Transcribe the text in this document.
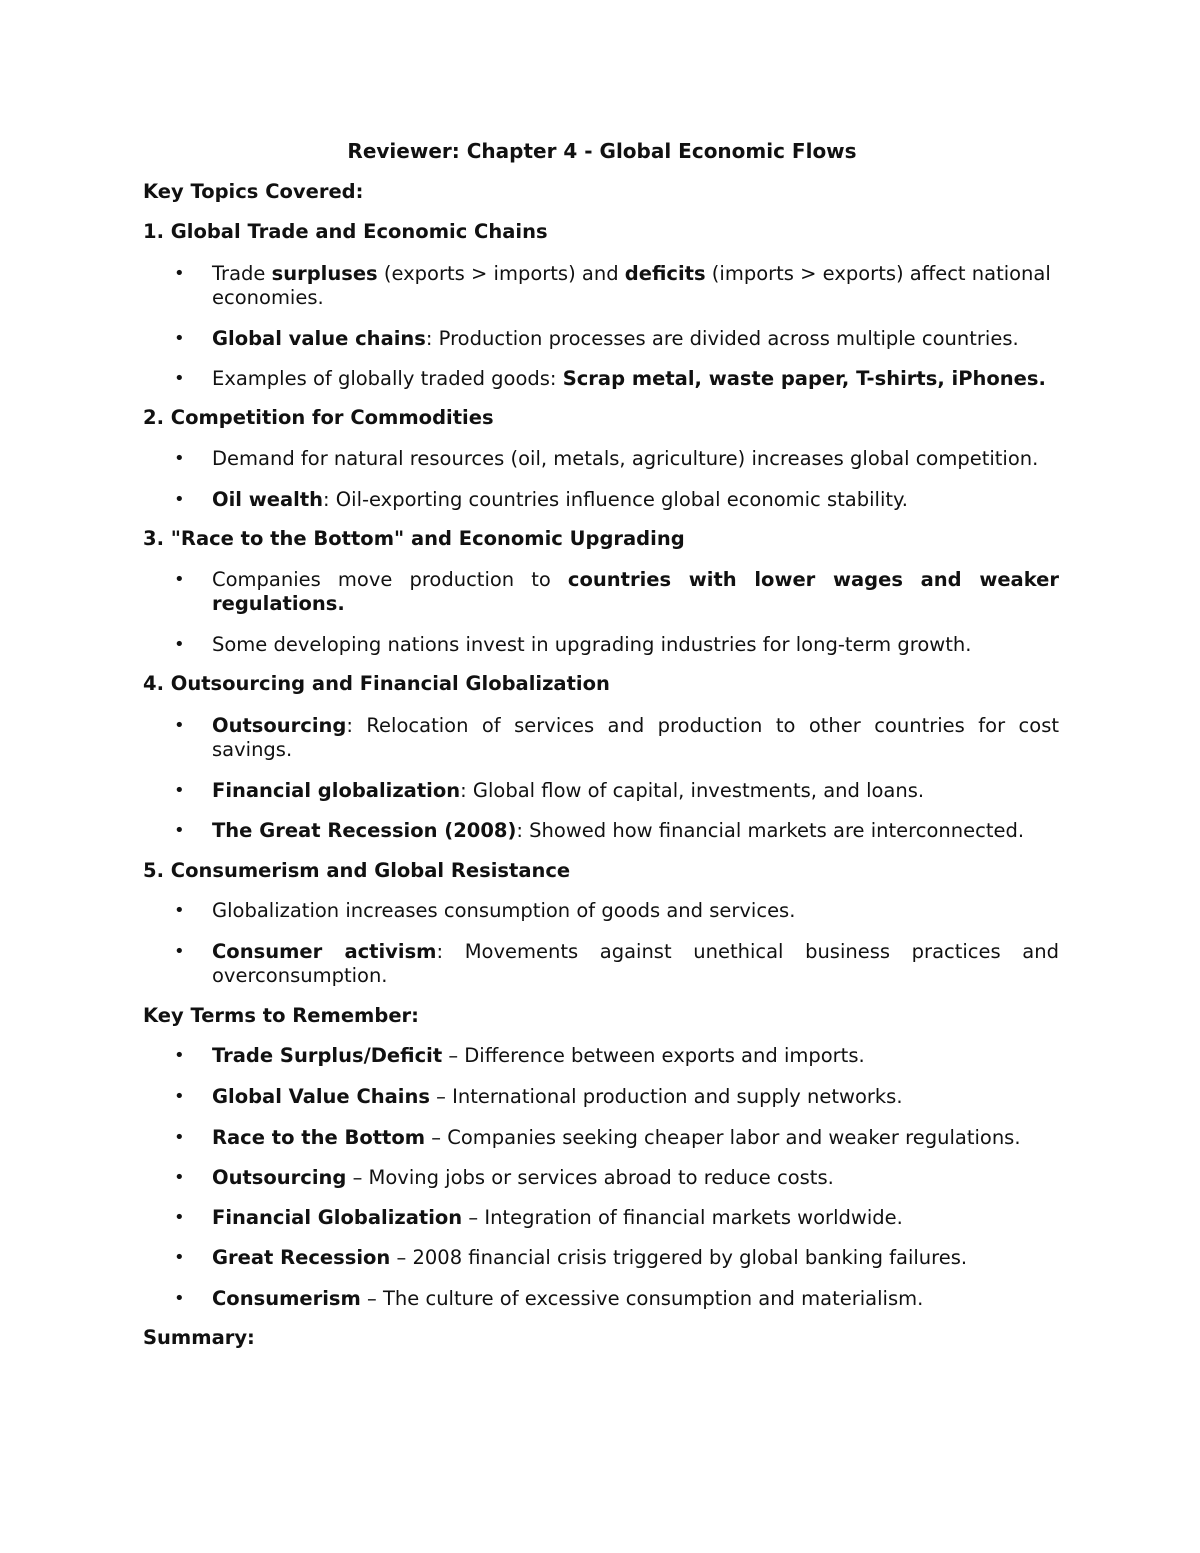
Reviewer: Chapter 4 - Global Economic Flows
Key Topics Covered:
1. Global Trade and Economic Chains

• Trade surpluses (exports > imports) and deficits (imports > exports) affect national economies.

• Global value chains: Production processes are divided across multiple countries.

• Examples of globally traded goods: Scrap metal, waste paper, T-shirts, iPhones.

2. Competition for Commodities

• Demand for natural resources (oil, metals, agriculture) increases global competition.

• Oil wealth: Oil-exporting countries influence global economic stability.

3. "Race to the Bottom" and Economic Upgrading

• Companies move production to countries with lower wages and weaker regulations.

• Some developing nations invest in upgrading industries for long-term growth.

4. Outsourcing and Financial Globalization

• Outsourcing: Relocation of services and production to other countries for cost savings.

• Financial globalization: Global flow of capital, investments, and loans.

• The Great Recession (2008): Showed how financial markets are interconnected.

5. Consumerism and Global Resistance

• Globalization increases consumption of goods and services.

• Consumer activism: Movements against unethical business practices and overconsumption.

Key Terms to Remember:

• Trade Surplus/Deficit – Difference between exports and imports.

• Global Value Chains – International production and supply networks.

• Race to the Bottom – Companies seeking cheaper labor and weaker regulations.

• Outsourcing – Moving jobs or services abroad to reduce costs.

• Financial Globalization – Integration of financial markets worldwide.

• Great Recession – 2008 financial crisis triggered by global banking failures.

• Consumerism – The culture of excessive consumption and materialism.

Summary:
